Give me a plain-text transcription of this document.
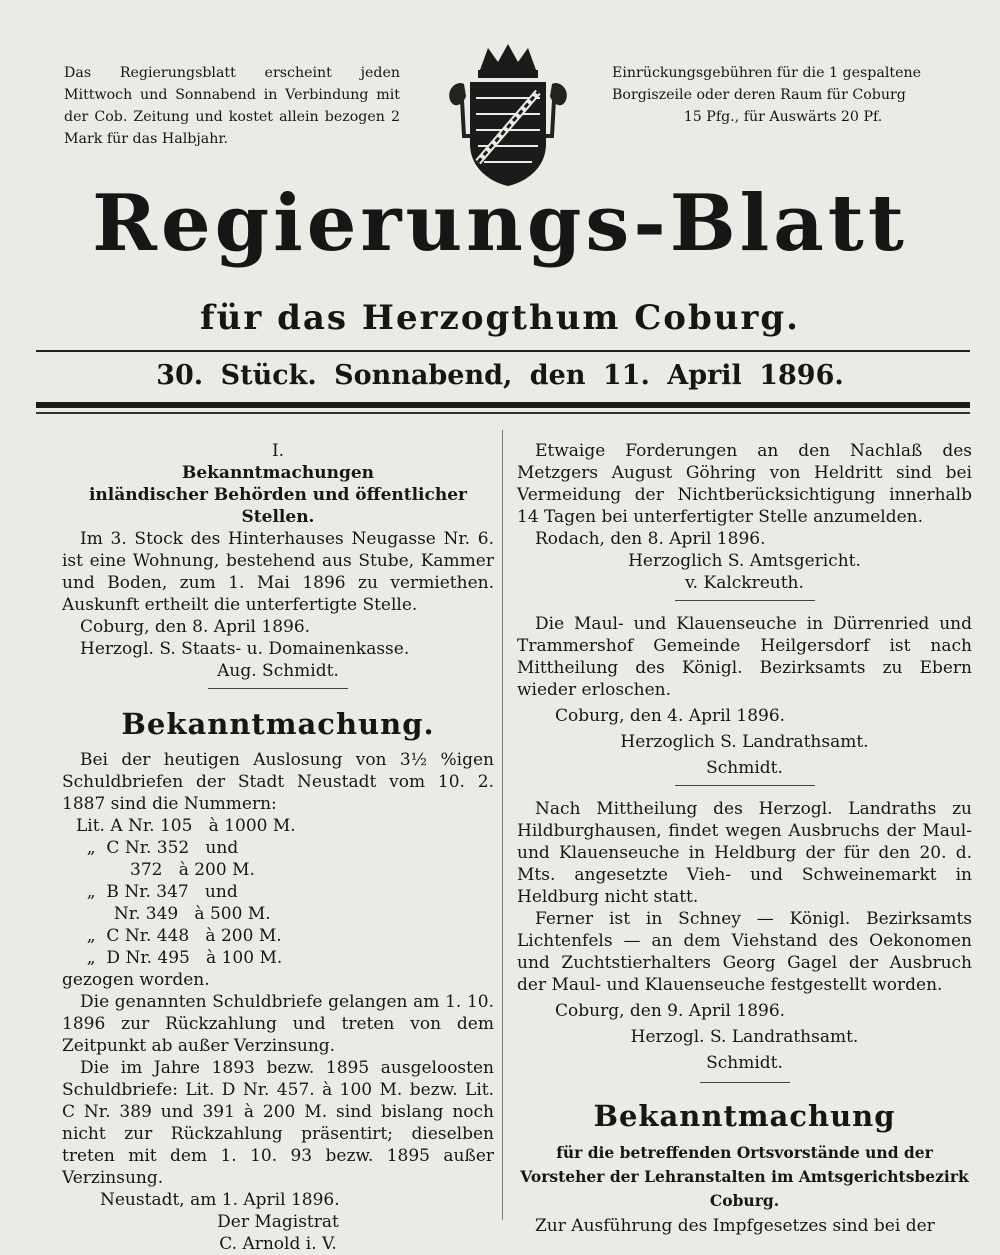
Das Regierungsblatt erscheint jeden Mittwoch und Sonnabend in Verbindung mit der Cob. Zeitung und kostet allein bezogen 2 Mark für das Halbjahr.
Einrückungsgebühren für die 1 gespaltene
Borgiszeile oder deren Raum für Coburg
15 Pfg., für Auswärts 20 Pf.
Regierungs-Blatt
für das Herzogthum Coburg.
30. Stück. Sonnabend, den 11. April 1896.
I.
Bekanntmachungen
inländischer Behörden und öffentlicher Stellen.
Im 3. Stock des Hinterhauses Neugasse Nr. 6. ist eine Wohnung, bestehend aus Stube, Kammer und Boden, zum 1. Mai 1896 zu vermiethen. Auskunft ertheilt die unterfertigte Stelle.
Coburg, den 8. April 1896.
Herzogl. S. Staats- u. Domainenkasse.
Aug. Schmidt.
Bekanntmachung.
Bei der heutigen Auslosung von 3½ %igen Schuldbriefen der Stadt Neustadt vom 10. 2. 1887 sind die Nummern:
Lit. A Nr. 105   à 1000 M.
„  C Nr. 352   und
372   à 200 M.
„  B Nr. 347   und
Nr. 349   à 500 M.
„  C Nr. 448   à 200 M.
„  D Nr. 495   à 100 M.
gezogen worden.
Die genannten Schuldbriefe gelangen am 1. 10. 1896 zur Rückzahlung und treten von dem Zeitpunkt ab außer Verzinsung.
Die im Jahre 1893 bezw. 1895 ausgeloosten Schuldbriefe: Lit. D Nr. 457. à 100 M. bezw. Lit. C Nr. 389 und 391 à 200 M. sind bislang noch nicht zur Rückzahlung präsentirt; dieselben treten mit dem 1. 10. 93 bezw. 1895 außer Verzinsung.
Neustadt, am 1. April 1896.
Der Magistrat
C. Arnold i. V.
Etwaige Forderungen an den Nachlaß des Metzgers August Göhring von Heldritt sind bei Vermeidung der Nichtberücksichtigung innerhalb 14 Tagen bei unterfertigter Stelle anzumelden.
Rodach, den 8. April 1896.
Herzoglich S. Amtsgericht.
v. Kalckreuth.
Die Maul- und Klauenseuche in Dürrenried und Trammershof Gemeinde Heilgersdorf ist nach Mittheilung des Königl. Bezirksamts zu Ebern wieder erloschen.
Coburg, den 4. April 1896.
Herzoglich S. Landrathsamt.
Schmidt.
Nach Mittheilung des Herzogl. Landraths zu Hildburghausen, findet wegen Ausbruchs der Maul- und Klauenseuche in Heldburg der für den 20. d. Mts. angesetzte Vieh- und Schweinemarkt in Heldburg nicht statt.
Ferner ist in Schney — Königl. Bezirksamts Lichtenfels — an dem Viehstand des Oekonomen und Zuchtstierhalters Georg Gagel der Ausbruch der Maul- und Klauenseuche festgestellt worden.
Coburg, den 9. April 1896.
Herzogl. S. Landrathsamt.
Schmidt.
Bekanntmachung
für die betreffenden Ortsvorstände und der Vorsteher der Lehranstalten im Amtsgerichtsbezirk Coburg.
Zur Ausführung des Impfgesetzes sind bei der
